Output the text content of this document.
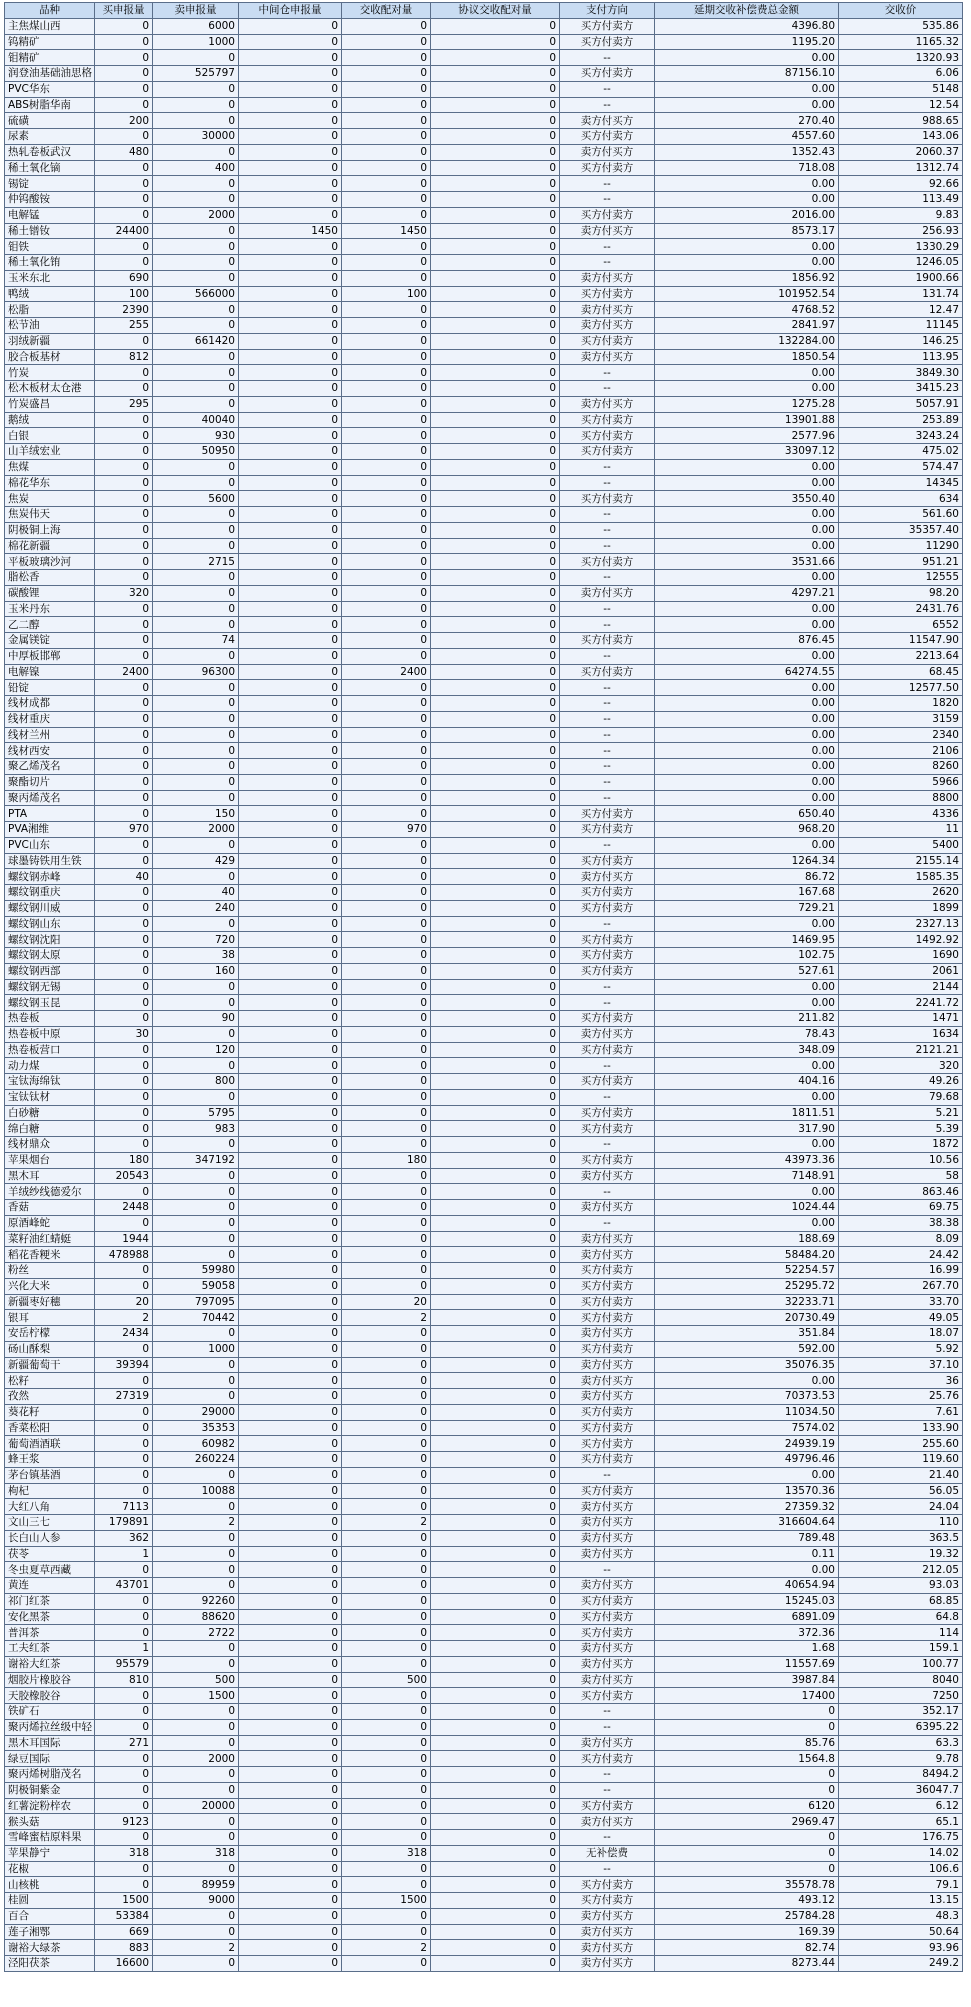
品种	买申报量	卖申报量	中间仓申报量	交收配对量	协议交收配对量	支付方向	延期交收补偿费总金额	交收价
主焦煤山西	0	6000	0	0	0	买方付卖方	4396.80	535.86
钨精矿	0	1000	0	0	0	买方付卖方	1195.20	1165.32
钼精矿	0	0	0	0	0	--	0.00	1320.93
润登油基础油思格	0	525797	0	0	0	买方付卖方	87156.10	6.06
PVC华东	0	0	0	0	0	--	0.00	5148
ABS树脂华南	0	0	0	0	0	--	0.00	12.54
硫磺	200	0	0	0	0	卖方付买方	270.40	988.65
尿素	0	30000	0	0	0	买方付卖方	4557.60	143.06
热轧卷板武汉	480	0	0	0	0	卖方付买方	1352.43	2060.37
稀土氧化镝	0	400	0	0	0	买方付卖方	718.08	1312.74
锡锭	0	0	0	0	0	--	0.00	92.66
仲钨酸铵	0	0	0	0	0	--	0.00	113.49
电解锰	0	2000	0	0	0	买方付卖方	2016.00	9.83
稀土镨钕	24400	0	1450	1450	0	卖方付买方	8573.17	256.93
钼铁	0	0	0	0	0	--	0.00	1330.29
稀土氧化铕	0	0	0	0	0	--	0.00	1246.05
玉米东北	690	0	0	0	0	卖方付买方	1856.92	1900.66
鸭绒	100	566000	0	100	0	买方付卖方	101952.54	131.74
松脂	2390	0	0	0	0	卖方付买方	4768.52	12.47
松节油	255	0	0	0	0	卖方付买方	2841.97	11145
羽绒新疆	0	661420	0	0	0	买方付卖方	132284.00	146.25
胶合板基材	812	0	0	0	0	卖方付买方	1850.54	113.95
竹炭	0	0	0	0	0	--	0.00	3849.30
松木板材太仓港	0	0	0	0	0	--	0.00	3415.23
竹炭盛昌	295	0	0	0	0	卖方付买方	1275.28	5057.91
鹅绒	0	40040	0	0	0	买方付卖方	13901.88	253.89
白银	0	930	0	0	0	买方付卖方	2577.96	3243.24
山羊绒宏业	0	50950	0	0	0	买方付卖方	33097.12	475.02
焦煤	0	0	0	0	0	--	0.00	574.47
棉花华东	0	0	0	0	0	--	0.00	14345
焦炭	0	5600	0	0	0	买方付卖方	3550.40	634
焦炭伟天	0	0	0	0	0	--	0.00	561.60
阴极铜上海	0	0	0	0	0	--	0.00	35357.40
棉花新疆	0	0	0	0	0	--	0.00	11290
平板玻璃沙河	0	2715	0	0	0	买方付卖方	3531.66	951.21
脂松香	0	0	0	0	0	--	0.00	12555
碳酸锂	320	0	0	0	0	卖方付买方	4297.21	98.20
玉米丹东	0	0	0	0	0	--	0.00	2431.76
乙二醇	0	0	0	0	0	--	0.00	6552
金属镁锭	0	74	0	0	0	买方付卖方	876.45	11547.90
中厚板邯郸	0	0	0	0	0	--	0.00	2213.64
电解镍	2400	96300	0	2400	0	买方付卖方	64274.55	68.45
铅锭	0	0	0	0	0	--	0.00	12577.50
线材成都	0	0	0	0	0	--	0.00	1820
线材重庆	0	0	0	0	0	--	0.00	3159
线材兰州	0	0	0	0	0	--	0.00	2340
线材西安	0	0	0	0	0	--	0.00	2106
聚乙烯茂名	0	0	0	0	0	--	0.00	8260
聚酯切片	0	0	0	0	0	--	0.00	5966
聚丙烯茂名	0	0	0	0	0	--	0.00	8800
PTA	0	150	0	0	0	买方付卖方	650.40	4336
PVA湘维	970	2000	0	970	0	买方付卖方	968.20	11
PVC山东	0	0	0	0	0	--	0.00	5400
球墨铸铁用生铁	0	429	0	0	0	买方付卖方	1264.34	2155.14
螺纹钢赤峰	40	0	0	0	0	卖方付买方	86.72	1585.35
螺纹钢重庆	0	40	0	0	0	买方付卖方	167.68	2620
螺纹钢川威	0	240	0	0	0	买方付卖方	729.21	1899
螺纹钢山东	0	0	0	0	0	--	0.00	2327.13
螺纹钢沈阳	0	720	0	0	0	买方付卖方	1469.95	1492.92
螺纹钢太原	0	38	0	0	0	买方付卖方	102.75	1690
螺纹钢西部	0	160	0	0	0	买方付卖方	527.61	2061
螺纹钢无锡	0	0	0	0	0	--	0.00	2144
螺纹钢玉昆	0	0	0	0	0	--	0.00	2241.72
热卷板	0	90	0	0	0	买方付卖方	211.82	1471
热卷板中原	30	0	0	0	0	卖方付买方	78.43	1634
热卷板营口	0	120	0	0	0	买方付卖方	348.09	2121.21
动力煤	0	0	0	0	0	--	0.00	320
宝钛海绵钛	0	800	0	0	0	买方付卖方	404.16	49.26
宝钛钛材	0	0	0	0	0	--	0.00	79.68
白砂糖	0	5795	0	0	0	买方付卖方	1811.51	5.21
绵白糖	0	983	0	0	0	买方付卖方	317.90	5.39
线材鼎众	0	0	0	0	0	--	0.00	1872
苹果烟台	180	347192	0	180	0	买方付卖方	43973.36	10.56
黑木耳	20543	0	0	0	0	卖方付买方	7148.91	58
羊绒纱线德爱尔	0	0	0	0	0	--	0.00	863.46
香菇	2448	0	0	0	0	卖方付买方	1024.44	69.75
原酒峰蛇	0	0	0	0	0	--	0.00	38.38
菜籽油红蜻蜓	1944	0	0	0	0	卖方付买方	188.69	8.09
稻花香粳米	478988	0	0	0	0	卖方付买方	58484.20	24.42
粉丝	0	59980	0	0	0	买方付卖方	52254.57	16.99
兴化大米	0	59058	0	0	0	买方付卖方	25295.72	267.70
新疆枣好穗	20	797095	0	20	0	买方付卖方	32233.71	33.70
银耳	2	70442	0	2	0	买方付卖方	20730.49	49.05
安岳柠檬	2434	0	0	0	0	卖方付买方	351.84	18.07
砀山酥梨	0	1000	0	0	0	买方付卖方	592.00	5.92
新疆葡萄干	39394	0	0	0	0	卖方付买方	35076.35	37.10
松籽	0	0	0	0	0	卖方付买方	0.00	36
孜然	27319	0	0	0	0	卖方付买方	70373.53	25.76
葵花籽	0	29000	0	0	0	买方付卖方	11034.50	7.61
香菜松阳	0	35353	0	0	0	买方付卖方	7574.02	133.90
葡萄酒酒联	0	60982	0	0	0	买方付卖方	24939.19	255.60
蜂王浆	0	260224	0	0	0	买方付卖方	49796.46	119.60
茅台镇基酒	0	0	0	0	0	--	0.00	21.40
枸杞	0	10088	0	0	0	买方付卖方	13570.36	56.05
大红八角	7113	0	0	0	0	卖方付买方	27359.32	24.04
文山三七	179891	2	0	2	0	卖方付买方	316604.64	110
长白山人参	362	0	0	0	0	卖方付买方	789.48	363.5
茯苓	1	0	0	0	0	卖方付买方	0.11	19.32
冬虫夏草西藏	0	0	0	0	0	--	0.00	212.05
黄连	43701	0	0	0	0	卖方付买方	40654.94	93.03
祁门红茶	0	92260	0	0	0	买方付卖方	15245.03	68.85
安化黑茶	0	88620	0	0	0	买方付卖方	6891.09	64.8
普洱茶	0	2722	0	0	0	买方付卖方	372.36	114
工夫红茶	1	0	0	0	0	卖方付买方	1.68	159.1
谢裕大红茶	95579	0	0	0	0	卖方付买方	11557.69	100.77
烟胶片橡胶谷	810	500	0	500	0	卖方付买方	3987.84	8040
天胶橡胶谷	0	1500	0	0	0	买方付卖方	17400	7250
铁矿石	0	0	0	0	0	--	0	352.17
聚丙烯拉丝级中轻	0	0	0	0	0	--	0	6395.22
黑木耳国际	271	0	0	0	0	卖方付买方	85.76	63.3
绿豆国际	0	2000	0	0	0	买方付卖方	1564.8	9.78
聚丙烯树脂茂名	0	0	0	0	0	--	0	8494.2
阴极铜紫金	0	0	0	0	0	--	0	36047.7
红薯淀粉梓农	0	20000	0	0	0	买方付卖方	6120	6.12
猴头菇	9123	0	0	0	0	卖方付买方	2969.47	65.1
雪峰蜜桔原料果	0	0	0	0	0	--	0	176.75
苹果静宁	318	318	0	318	0	无补偿费	0	14.02
花椒	0	0	0	0	0	--	0	106.6
山核桃	0	89959	0	0	0	买方付卖方	35578.78	79.1
桂圆	1500	9000	0	1500	0	买方付卖方	493.12	13.15
百合	53384	0	0	0	0	卖方付买方	25784.28	48.3
莲子湘鄂	669	0	0	0	0	卖方付买方	169.39	50.64
谢裕大绿茶	883	2	0	2	0	卖方付买方	82.74	93.96
泾阳茯茶	16600	0	0	0	0	卖方付买方	8273.44	249.2
